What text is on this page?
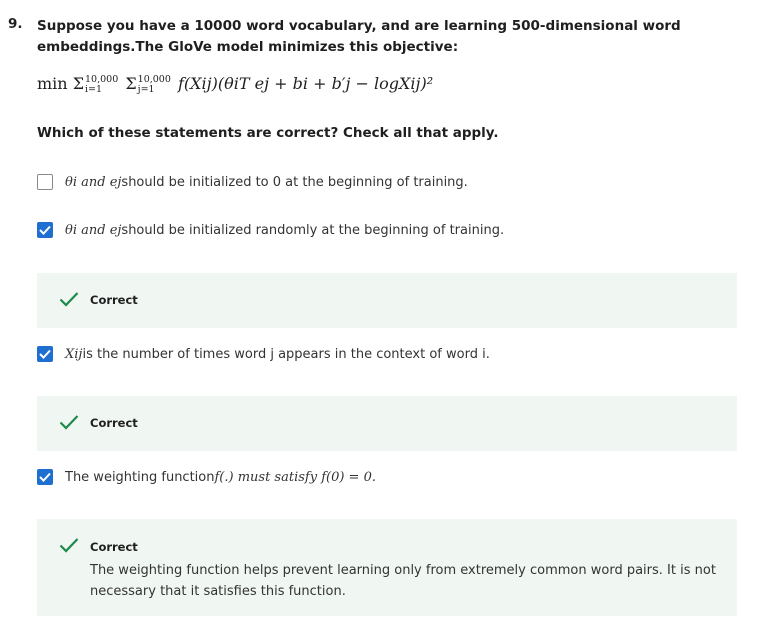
9. Suppose you have a 10000 word vocabulary, and are learning 500-dimensional word embeddings.The GloVe model minimizes this objective:
min Σ 10,000
i=1	Σ 10,000
j=1	f(Xij)(θiT ej + bi + b′j − logXij)²
Which of these statements are correct? Check all that apply.
θi and ej should be initialized to 0 at the beginning of training.
θi and ej should be initialized randomly at the beginning of training.
Correct
Xij is the number of times word j appears in the context of word i.
Correct
The weighting function f(.) must satisfy f(0) = 0.
Correct
The weighting function helps prevent learning only from extremely common word pairs. It is not necessary that it satisfies this function.
